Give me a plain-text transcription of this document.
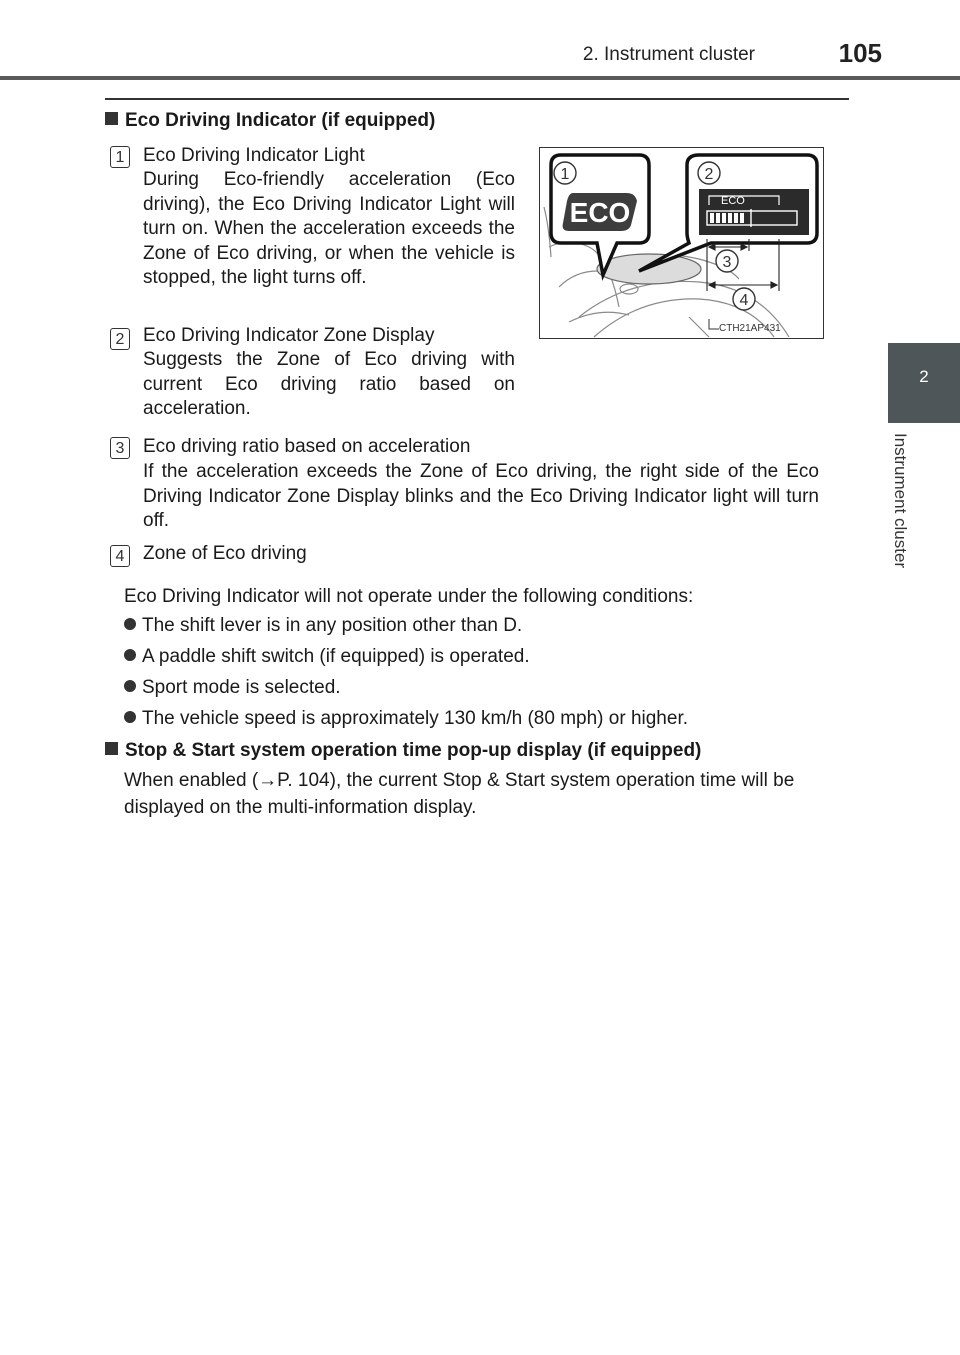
2. Instrument cluster	105
2
Instrument cluster
Eco Driving Indicator (if equipped)
1 Eco Driving Indicator Light
During Eco-friendly acceleration (Eco driving), the Eco Driving Indicator Light will turn on. When the acceleration exceeds the Zone of Eco driving, or when the vehicle is stopped, the light turns off.
2 Eco Driving Indicator Zone Display
Suggests the Zone of Eco driving with current Eco driving ratio based on acceleration.
3 Eco driving ratio based on acceleration
If the acceleration exceeds the Zone of Eco driving, the right side of the Eco Driving Indicator Zone Display blinks and the Eco Driving Indicator light will turn off.
4 Zone of Eco driving
Eco Driving Indicator will not operate under the following conditions:
The shift lever is in any position other than D.
A paddle shift switch (if equipped) is operated.
Sport mode is selected.
The vehicle speed is approximately 130 km/h (80 mph) or higher.
Stop & Start system operation time pop-up display (if equipped)
When enabled (→P. 104), the current Stop & Start system operation time will be displayed on the multi-information display.
1
ECO
2
ECO
3
4
CTH21AP431
